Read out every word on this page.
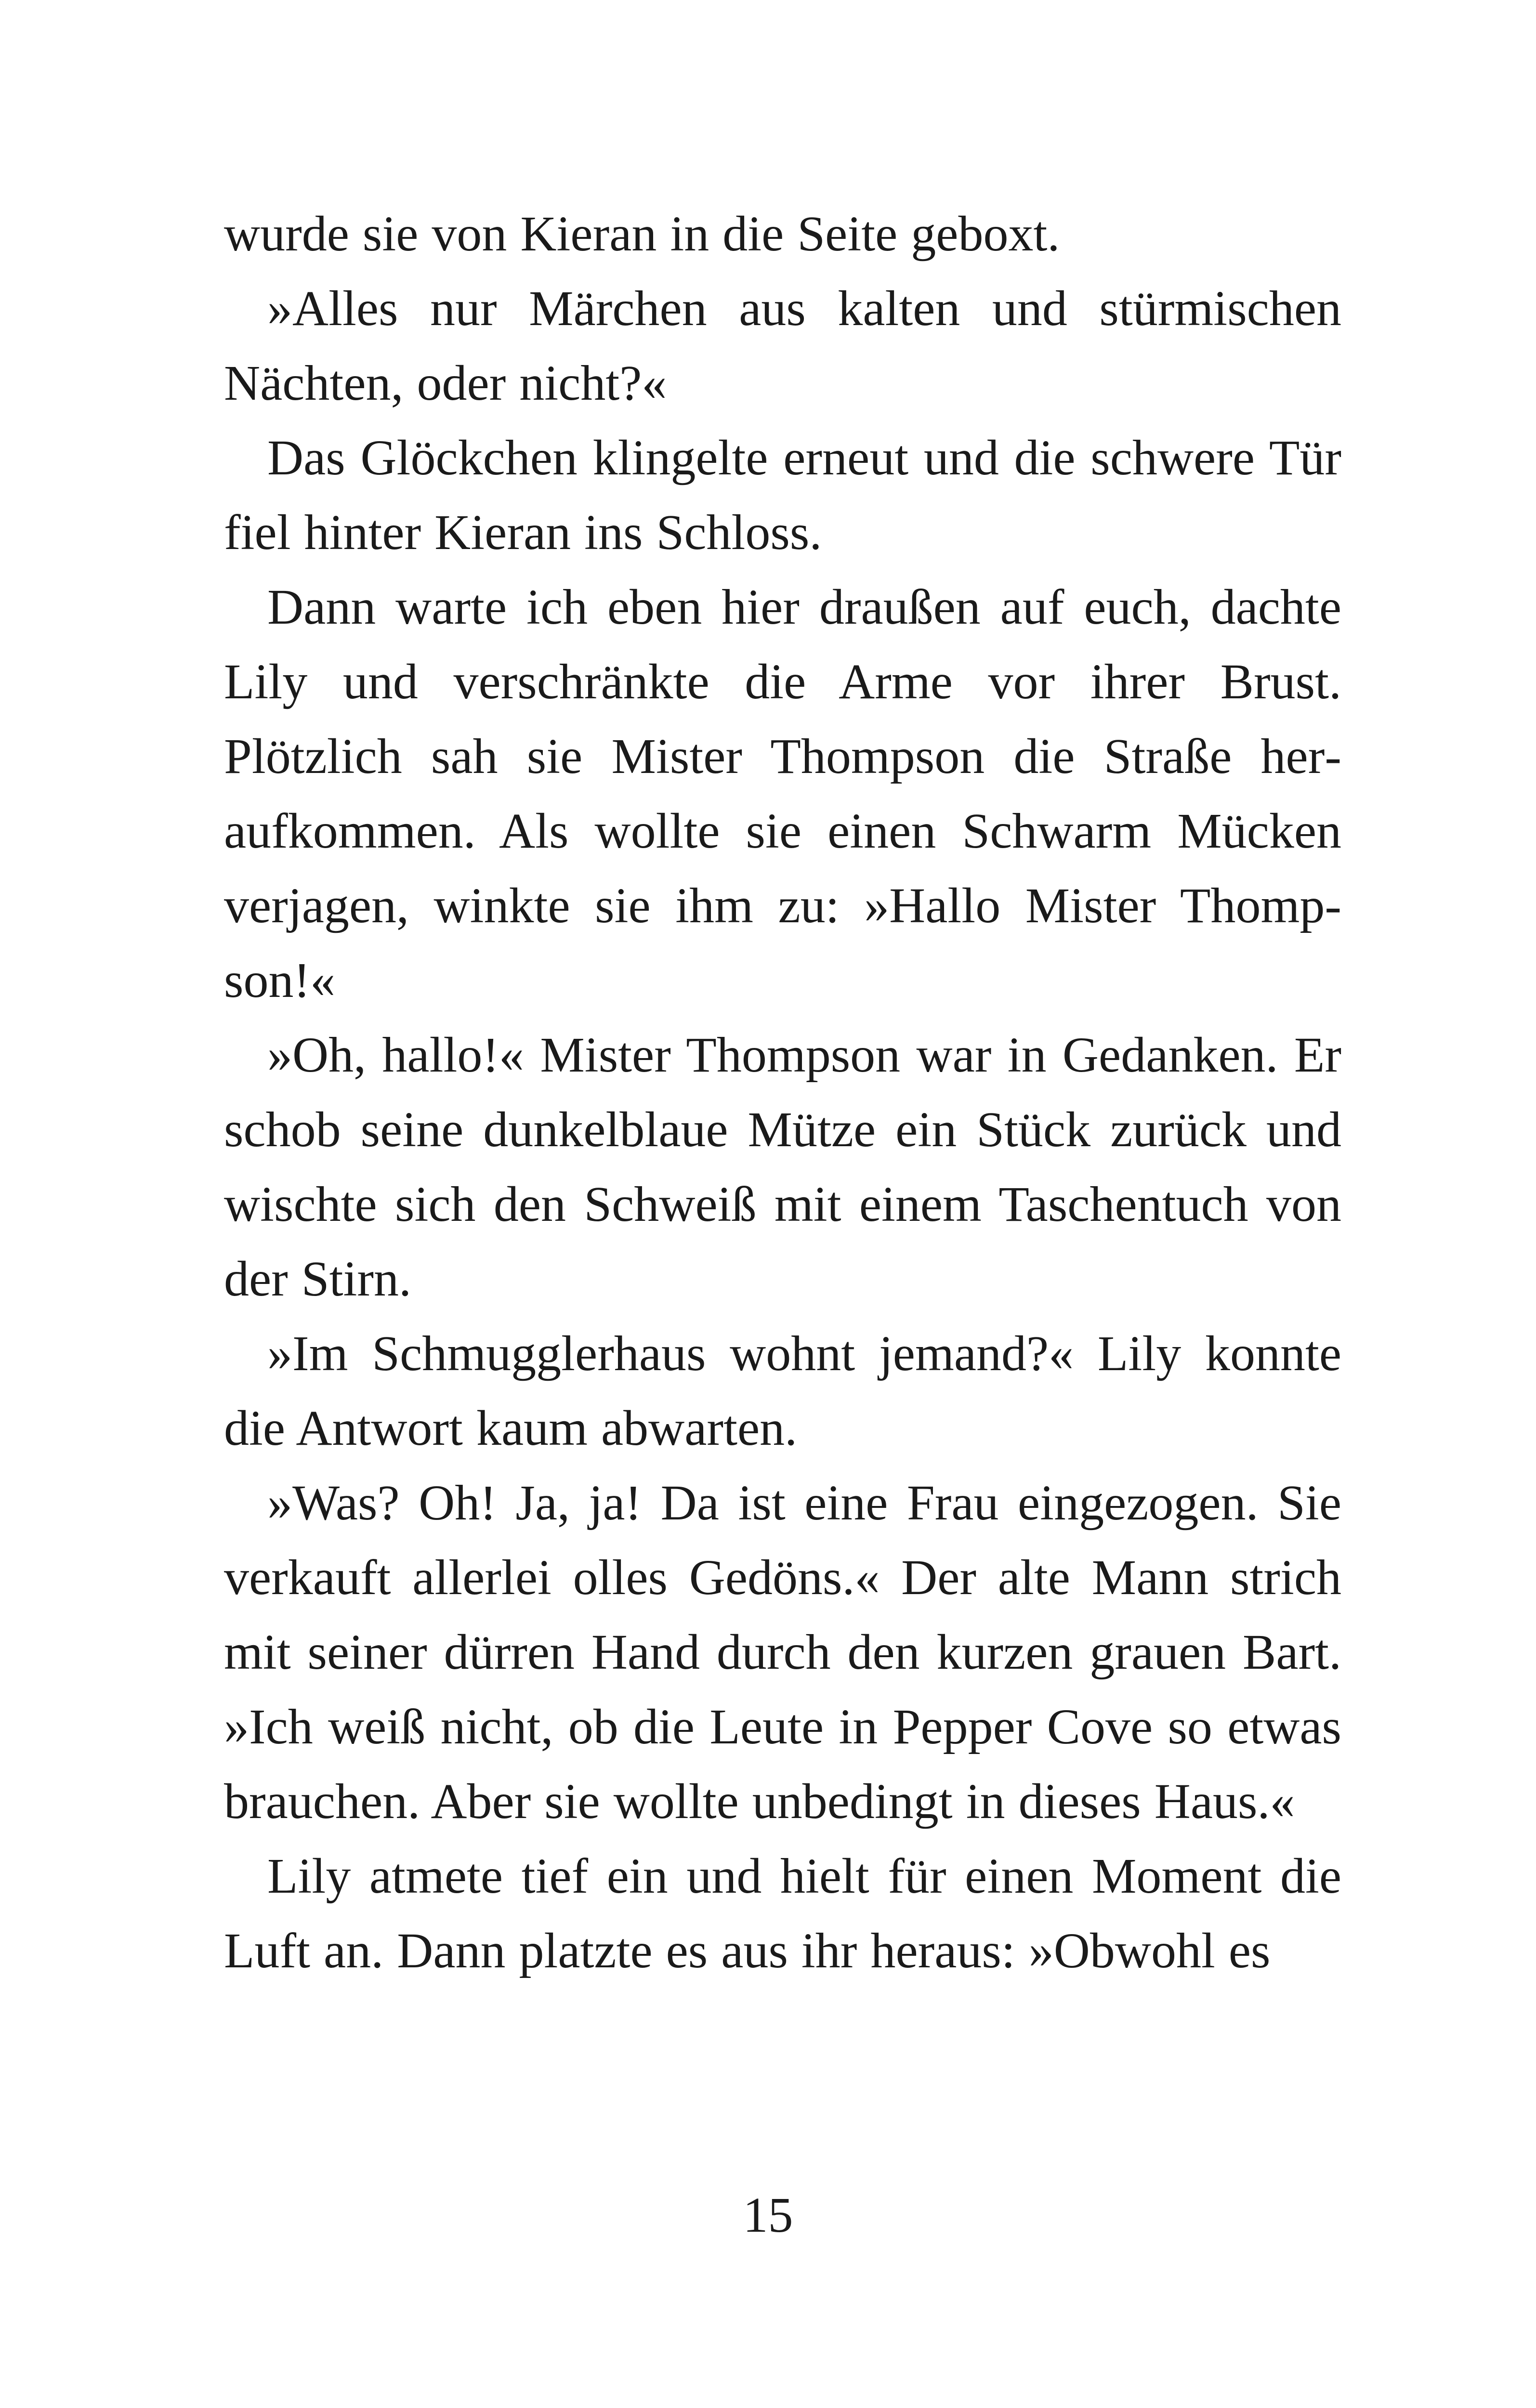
wurde sie von Kieran in die Seite geboxt.

»Alles nur Märchen aus kalten und stürmischen Nächten, oder nicht?«

Das Glöckchen klingelte erneut und die schwere Tür fiel hinter Kieran ins Schloss.

Dann warte ich eben hier draußen auf euch, dachte Lily und verschränkte die Arme vor ihrer Brust. Plötzlich sah sie Mister Thompson die Straße heraufkommen. Als wollte sie einen Schwarm Mücken verjagen, winkte sie ihm zu: »Hallo Mister Thompson!«

»Oh, hallo!« Mister Thompson war in Gedanken. Er schob seine dunkelblaue Mütze ein Stück zurück und wischte sich den Schweiß mit einem Taschentuch von der Stirn.

»Im Schmugglerhaus wohnt jemand?« Lily konnte die Antwort kaum abwarten.

»Was? Oh! Ja, ja! Da ist eine Frau eingezogen. Sie verkauft allerlei olles Gedöns.« Der alte Mann strich mit seiner dürren Hand durch den kurzen grauen Bart. »Ich weiß nicht, ob die Leute in Pepper Cove so etwas brauchen. Aber sie wollte unbedingt in dieses Haus.«

Lily atmete tief ein und hielt für einen Moment die Luft an. Dann platzte es aus ihr heraus: »Obwohl es

15
